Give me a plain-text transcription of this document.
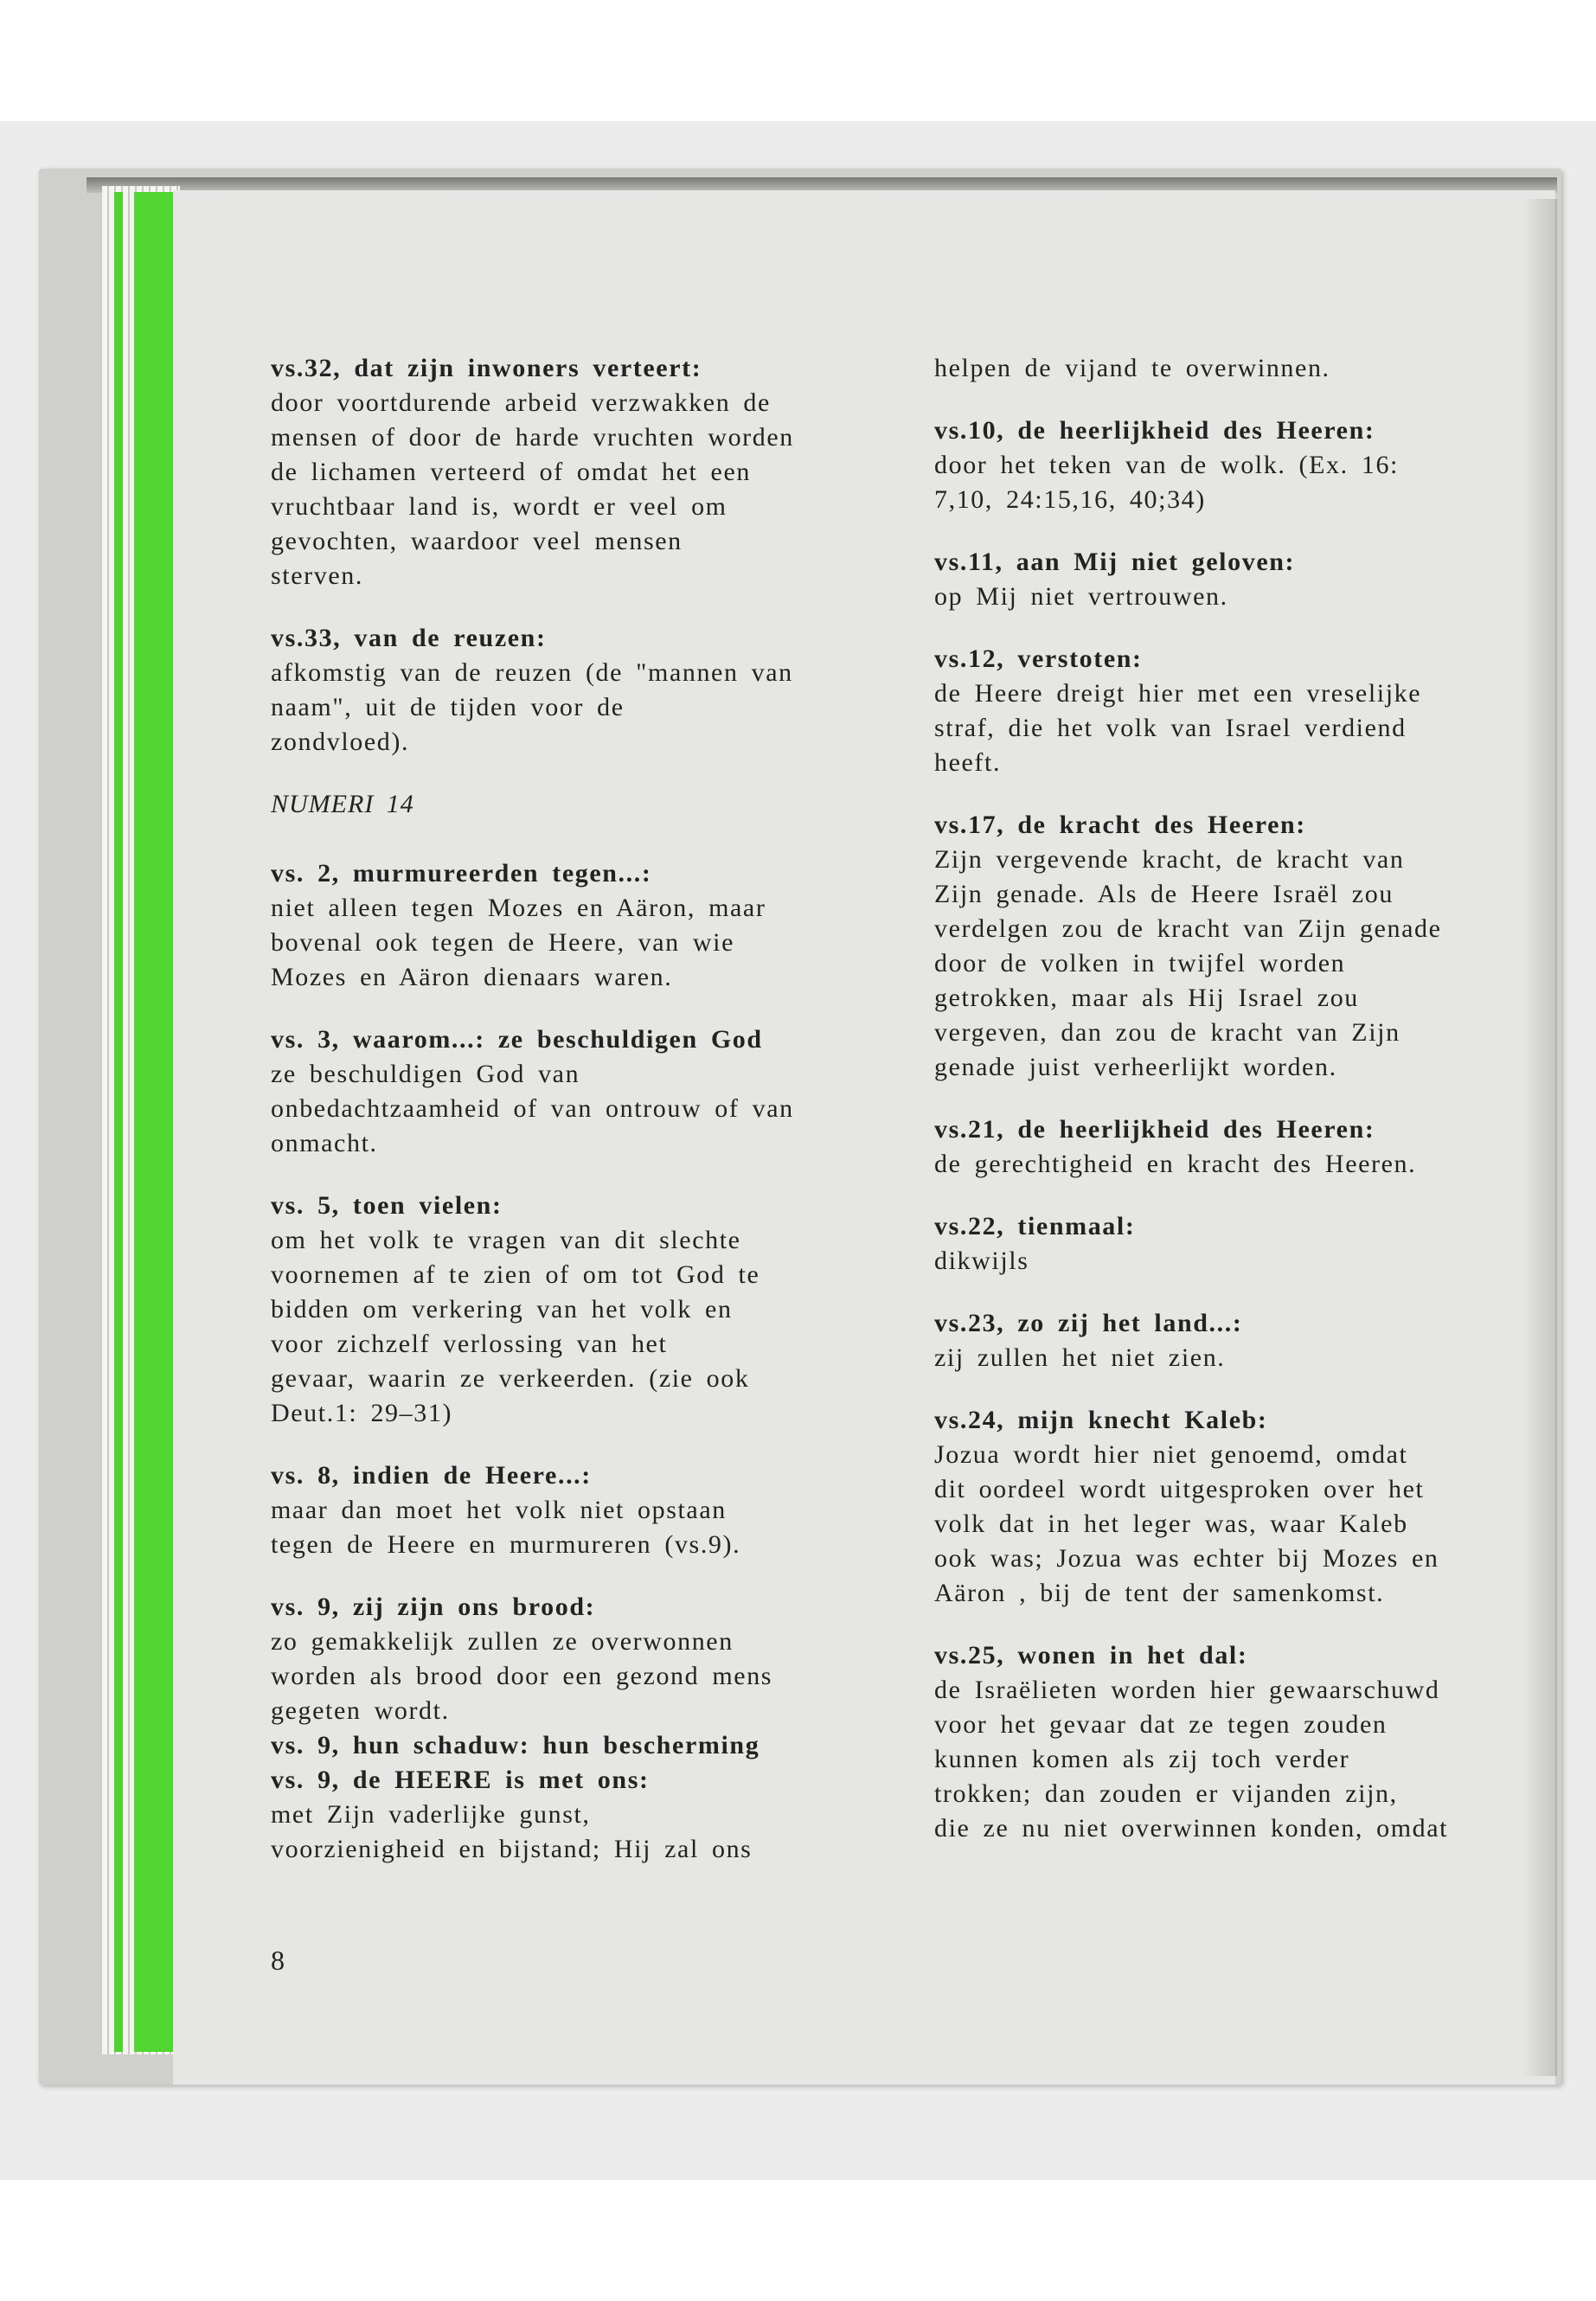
vs.32, dat zijn inwoners verteert:
door voortdurende arbeid verzwakken de
mensen of door de harde vruchten worden
de lichamen verteerd of omdat het een
vruchtbaar land is, wordt er veel om
gevochten, waardoor veel mensen
sterven.
vs.33, van de reuzen:
afkomstig van de reuzen (de "mannen van
naam", uit de tijden voor de
zondvloed).
NUMERI 14
vs. 2, murmureerden tegen...:
niet alleen tegen Mozes en Aäron, maar
bovenal ook tegen de Heere, van wie
Mozes en Aäron dienaars waren.
vs. 3, waarom...: ze beschuldigen God
ze beschuldigen God van
onbedachtzaamheid of van ontrouw of van
onmacht.
vs. 5, toen vielen:
om het volk te vragen van dit slechte
voornemen af te zien of om tot God te
bidden om verkering van het volk en
voor zichzelf verlossing van het
gevaar, waarin ze verkeerden. (zie ook
Deut.1: 29–31)
vs. 8, indien de Heere...:
maar dan moet het volk niet opstaan
tegen de Heere en murmureren (vs.9).
vs. 9, zij zijn ons brood:
zo gemakkelijk zullen ze overwonnen
worden als brood door een gezond mens
gegeten wordt.
vs. 9, hun schaduw: hun bescherming
vs. 9, de HEERE is met ons:
met Zijn vaderlijke gunst,
voorzienigheid en bijstand; Hij zal ons
helpen de vijand te overwinnen.
vs.10, de heerlijkheid des Heeren:
door het teken van de wolk. (Ex. 16:
7,10, 24:15,16, 40;34)
vs.11, aan Mij niet geloven:
op Mij niet vertrouwen.
vs.12, verstoten:
de Heere dreigt hier met een vreselijke
straf, die het volk van Israel verdiend
heeft.
vs.17, de kracht des Heeren:
Zijn vergevende kracht, de kracht van
Zijn genade. Als de Heere Israël zou
verdelgen zou de kracht van Zijn genade
door de volken in twijfel worden
getrokken, maar als Hij Israel zou
vergeven, dan zou de kracht van Zijn
genade juist verheerlijkt worden.
vs.21, de heerlijkheid des Heeren:
de gerechtigheid en kracht des Heeren.
vs.22, tienmaal:
dikwijls
vs.23, zo zij het land...:
zij zullen het niet zien.
vs.24, mijn knecht Kaleb:
Jozua wordt hier niet genoemd, omdat
dit oordeel wordt uitgesproken over het
volk dat in het leger was, waar Kaleb
ook was; Jozua was echter bij Mozes en
Aäron , bij de tent der samenkomst.
vs.25, wonen in het dal:
de Israëlieten worden hier gewaarschuwd
voor het gevaar dat ze tegen zouden
kunnen komen als zij toch verder
trokken; dan zouden er vijanden zijn,
die ze nu niet overwinnen konden, omdat
8
